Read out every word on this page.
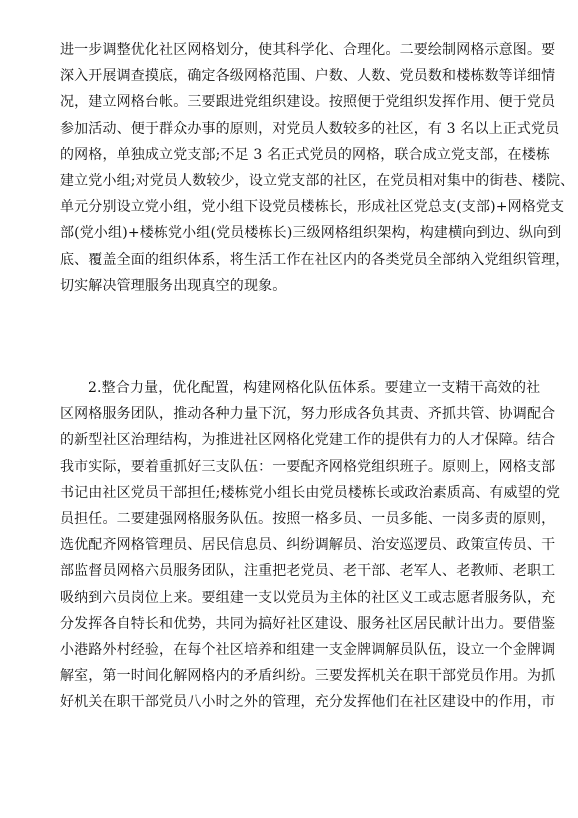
进一步调整优化社区网格划分，使其科学化、合理化。二要绘制网格示意图。要
深入开展调查摸底，确定各级网格范围、户数、人数、党员数和楼栋数等详细情
况，建立网格台帐。三要跟进党组织建设。按照便于党组织发挥作用、便于党员
参加活动、便于群众办事的原则，对党员人数较多的社区，有 3 名以上正式党员
的网格，单独成立党支部;不足 3 名正式党员的网格，联合成立党支部，在楼栋
建立党小组;对党员人数较少，设立党支部的社区，在党员相对集中的街巷、楼院、
单元分别设立党小组，党小组下设党员楼栋长，形成社区党总支(支部)+网格党支
部(党小组)+楼栋党小组(党员楼栋长)三级网格组织架构，构建横向到边、纵向到
底、覆盖全面的组织体系，将生活工作在社区内的各类党员全部纳入党组织管理，
切实解决管理服务出现真空的现象。
2.整合力量，优化配置，构建网格化队伍体系。要建立一支精干高效的社
区网格服务团队，推动各种力量下沉，努力形成各负其责、齐抓共管、协调配合
的新型社区治理结构，为推进社区网格化党建工作的提供有力的人才保障。结合
我市实际，要着重抓好三支队伍：一要配齐网格党组织班子。原则上，网格支部
书记由社区党员干部担任;楼栋党小组长由党员楼栋长或政治素质高、有威望的党
员担任。二要建强网格服务队伍。按照一格多员、一员多能、一岗多责的原则，
选优配齐网格管理员、居民信息员、纠纷调解员、治安巡逻员、政策宣传员、干
部监督员网格六员服务团队，注重把老党员、老干部、老军人、老教师、老职工
吸纳到六员岗位上来。要组建一支以党员为主体的社区义工或志愿者服务队，充
分发挥各自特长和优势，共同为搞好社区建设、服务社区居民献计出力。要借鉴
小港路外村经验，在每个社区培养和组建一支金牌调解员队伍，设立一个金牌调
解室，第一时间化解网格内的矛盾纠纷。三要发挥机关在职干部党员作用。为抓
好机关在职干部党员八小时之外的管理，充分发挥他们在社区建设中的作用，市
